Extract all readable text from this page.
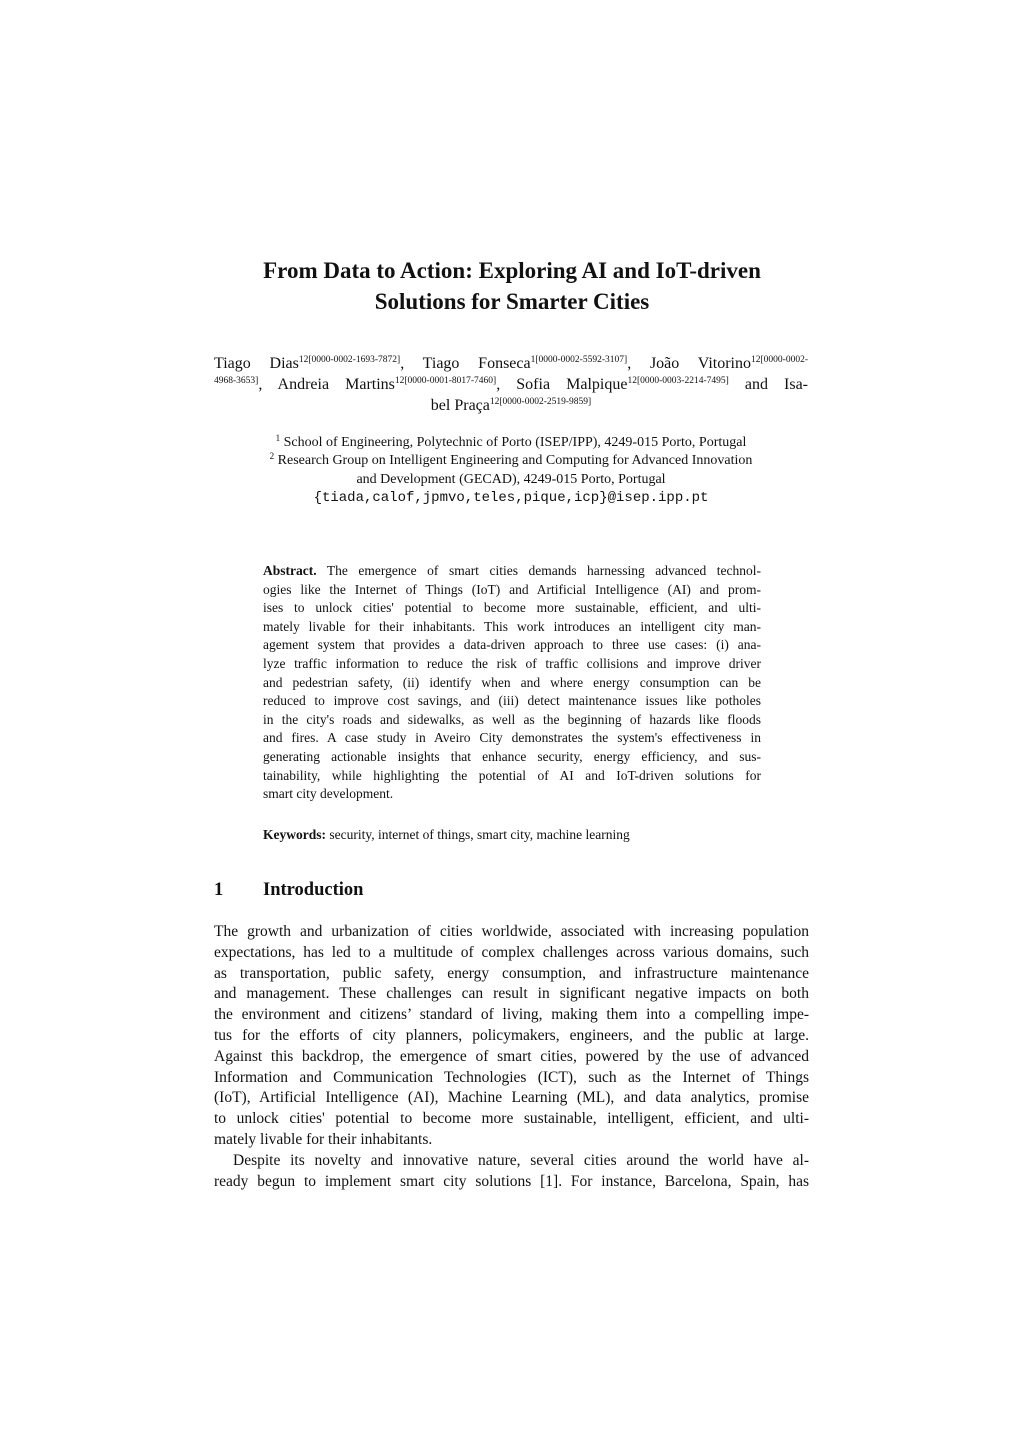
From Data to Action: Exploring AI and IoT-driven
Solutions for Smarter Cities
Tiago Dias$^{12[0000-0002-1693-7872]}$, Tiago Fonseca$^{1[0000-0002-5592-3107]}$, João Vitorino$^{12[0000-0002-}$
$^{4968-3653]}$, Andreia Martins$^{12[0000-0001-8017-7460]}$, Sofia Malpique$^{12[0000-0003-2214-7495]}$ and Isa-
bel Praça$^{12[0000-0002-2519-9859]}$
$^1$ School of Engineering, Polytechnic of Porto (ISEP/IPP), 4249-015 Porto, Portugal
$^2$ Research Group on Intelligent Engineering and Computing for Advanced Innovation
and Development (GECAD), 4249-015 Porto, Portugal
{tiada,calof,jpmvo,teles,pique,icp}@isep.ipp.pt
Abstract. The emergence of smart cities demands harnessing advanced technol-
ogies like the Internet of Things (IoT) and Artificial Intelligence (AI) and prom-
ises to unlock cities' potential to become more sustainable, efficient, and ulti-
mately livable for their inhabitants. This work introduces an intelligent city man-
agement system that provides a data-driven approach to three use cases: (i) ana-
lyze traffic information to reduce the risk of traffic collisions and improve driver
and pedestrian safety, (ii) identify when and where energy consumption can be
reduced to improve cost savings, and (iii) detect maintenance issues like potholes
in the city's roads and sidewalks, as well as the beginning of hazards like floods
and fires. A case study in Aveiro City demonstrates the system's effectiveness in
generating actionable insights that enhance security, energy efficiency, and sus-
tainability, while highlighting the potential of AI and IoT-driven solutions for
smart city development.
Keywords: security, internet of things, smart city, machine learning
1 Introduction
The growth and urbanization of cities worldwide, associated with increasing population
expectations, has led to a multitude of complex challenges across various domains, such
as transportation, public safety, energy consumption, and infrastructure maintenance
and management. These challenges can result in significant negative impacts on both
the environment and citizens’ standard of living, making them into a compelling impe-
tus for the efforts of city planners, policymakers, engineers, and the public at large.
Against this backdrop, the emergence of smart cities, powered by the use of advanced
Information and Communication Technologies (ICT), such as the Internet of Things
(IoT), Artificial Intelligence (AI), Machine Learning (ML), and data analytics, promise
to unlock cities' potential to become more sustainable, intelligent, efficient, and ulti-
mately livable for their inhabitants.
Despite its novelty and innovative nature, several cities around the world have al-
ready begun to implement smart city solutions [1]. For instance, Barcelona, Spain, has
